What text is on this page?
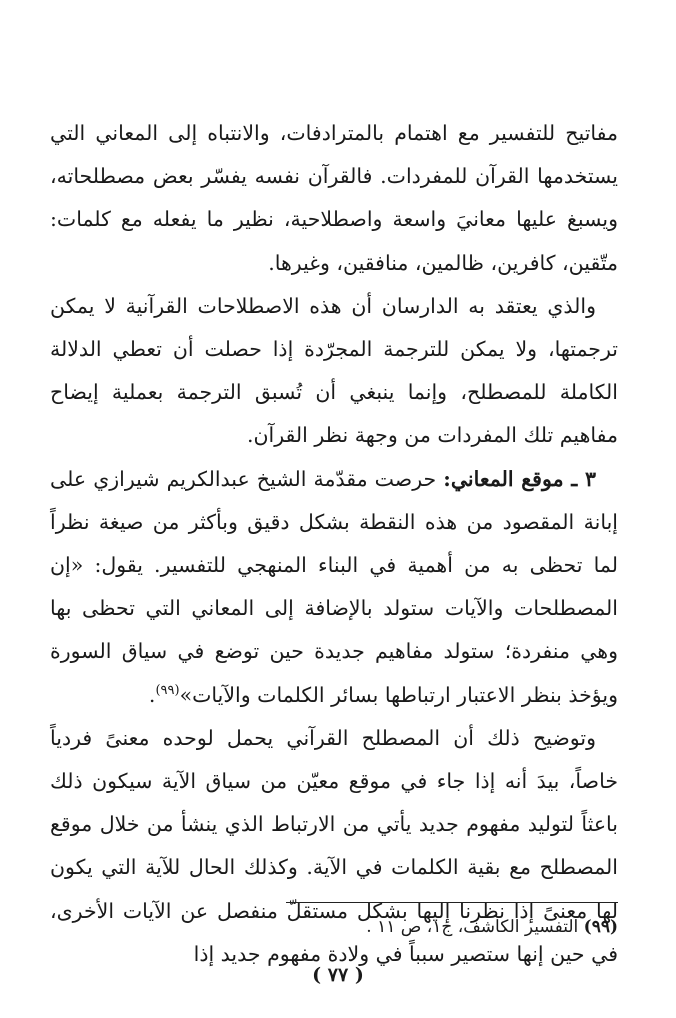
مفاتيح للتفسير مع اهتمام بالمترادفات، والانتباه إلى المعاني التي يستخدمها القرآن للمفردات. فالقرآن نفسه يفسّر بعض مصطلحاته، ويسبغ عليها معانيَ واسعة واصطلاحية، نظير ما يفعله مع كلمات: متّقين، كافرين، ظالمين، منافقين، وغيرها.

والذي يعتقد به الدارسان أن هذه الاصطلاحات القرآنية لا يمكن ترجمتها، ولا يمكن للترجمة المجرّدة إذا حصلت أن تعطي الدلالة الكاملة للمصطلح، وإنما ينبغي أن تُسبق الترجمة بعملية إيضاح مفاهيم تلك المفردات من وجهة نظر القرآن.

٣ ـ موقع المعاني: حرصت مقدّمة الشيخ عبدالكريم شيرازي على إبانة المقصود من هذه النقطة بشكل دقيق وبأكثر من صيغة نظراً لما تحظى به من أهمية في البناء المنهجي للتفسير. يقول: «إن المصطلحات والآيات ستولد بالإضافة إلى المعاني التي تحظى بها وهي منفردة؛ ستولد مفاهيم جديدة حين توضع في سياق السورة ويؤخذ بنظر الاعتبار ارتباطها بسائر الكلمات والآيات»$^{(٩٩)}$.

وتوضيح ذلك أن المصطلح القرآني يحمل لوحده معنىً فردياً خاصاً، بيدَ أنه إذا جاء في موقع معيّن من سياق الآية سيكون ذلك باعثاً لتوليد مفهوم جديد يأتي من الارتباط الذي ينشأ من خلال موقع المصطلح مع بقية الكلمات في الآية. وكذلك الحال للآية التي يكون لها معنىً إذا نظرنا إليها بشكل مستقلّ منفصل عن الآيات الأخرى، في حين إنها ستصير سبباً في ولادة مفهوم جديد إذا

(٩٩) التفسير الكاشف، ج١، ص ١١ .
( ٧٧ )
